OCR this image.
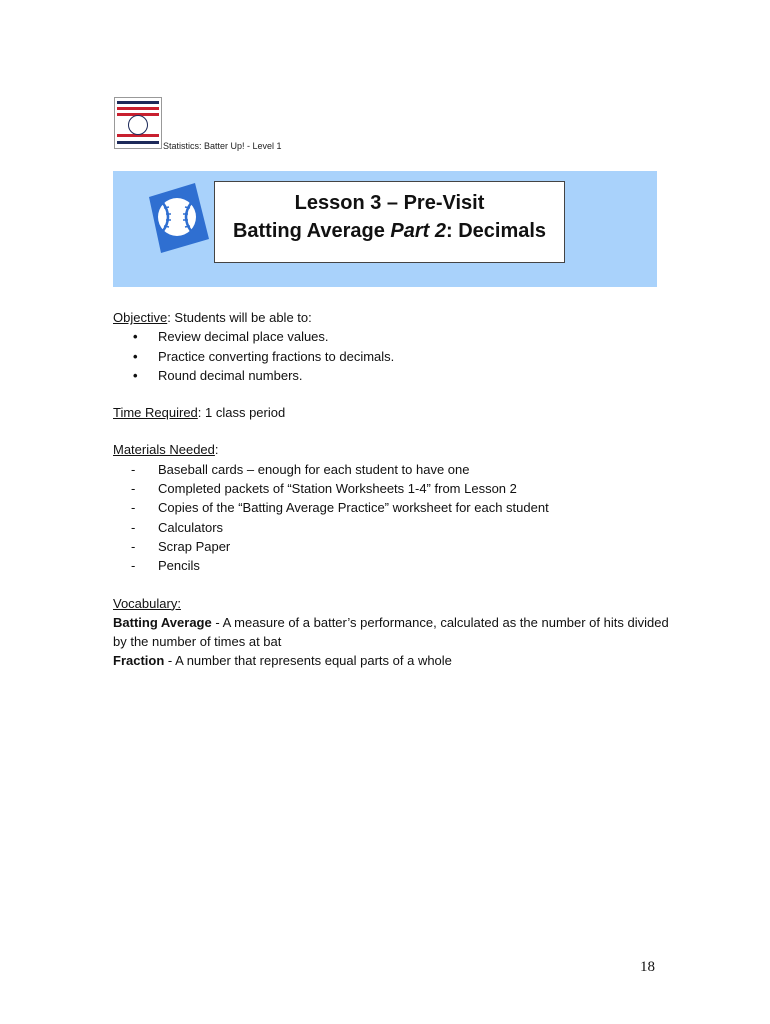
Statistics: Batter Up! - Level 1
Lesson 3 – Pre-Visit
Batting Average Part 2: Decimals
Objective: Students will be able to:
• Review decimal place values.
• Practice converting fractions to decimals.
• Round decimal numbers.
Time Required: 1 class period
Materials Needed:
- Baseball cards – enough for each student to have one
- Completed packets of “Station Worksheets 1-4” from Lesson 2
- Copies of the “Batting Average Practice” worksheet for each student
- Calculators
- Scrap Paper
- Pencils
Vocabulary:
Batting Average - A measure of a batter’s performance, calculated as the number of hits divided by the number of times at bat
Fraction - A number that represents equal parts of a whole
18
